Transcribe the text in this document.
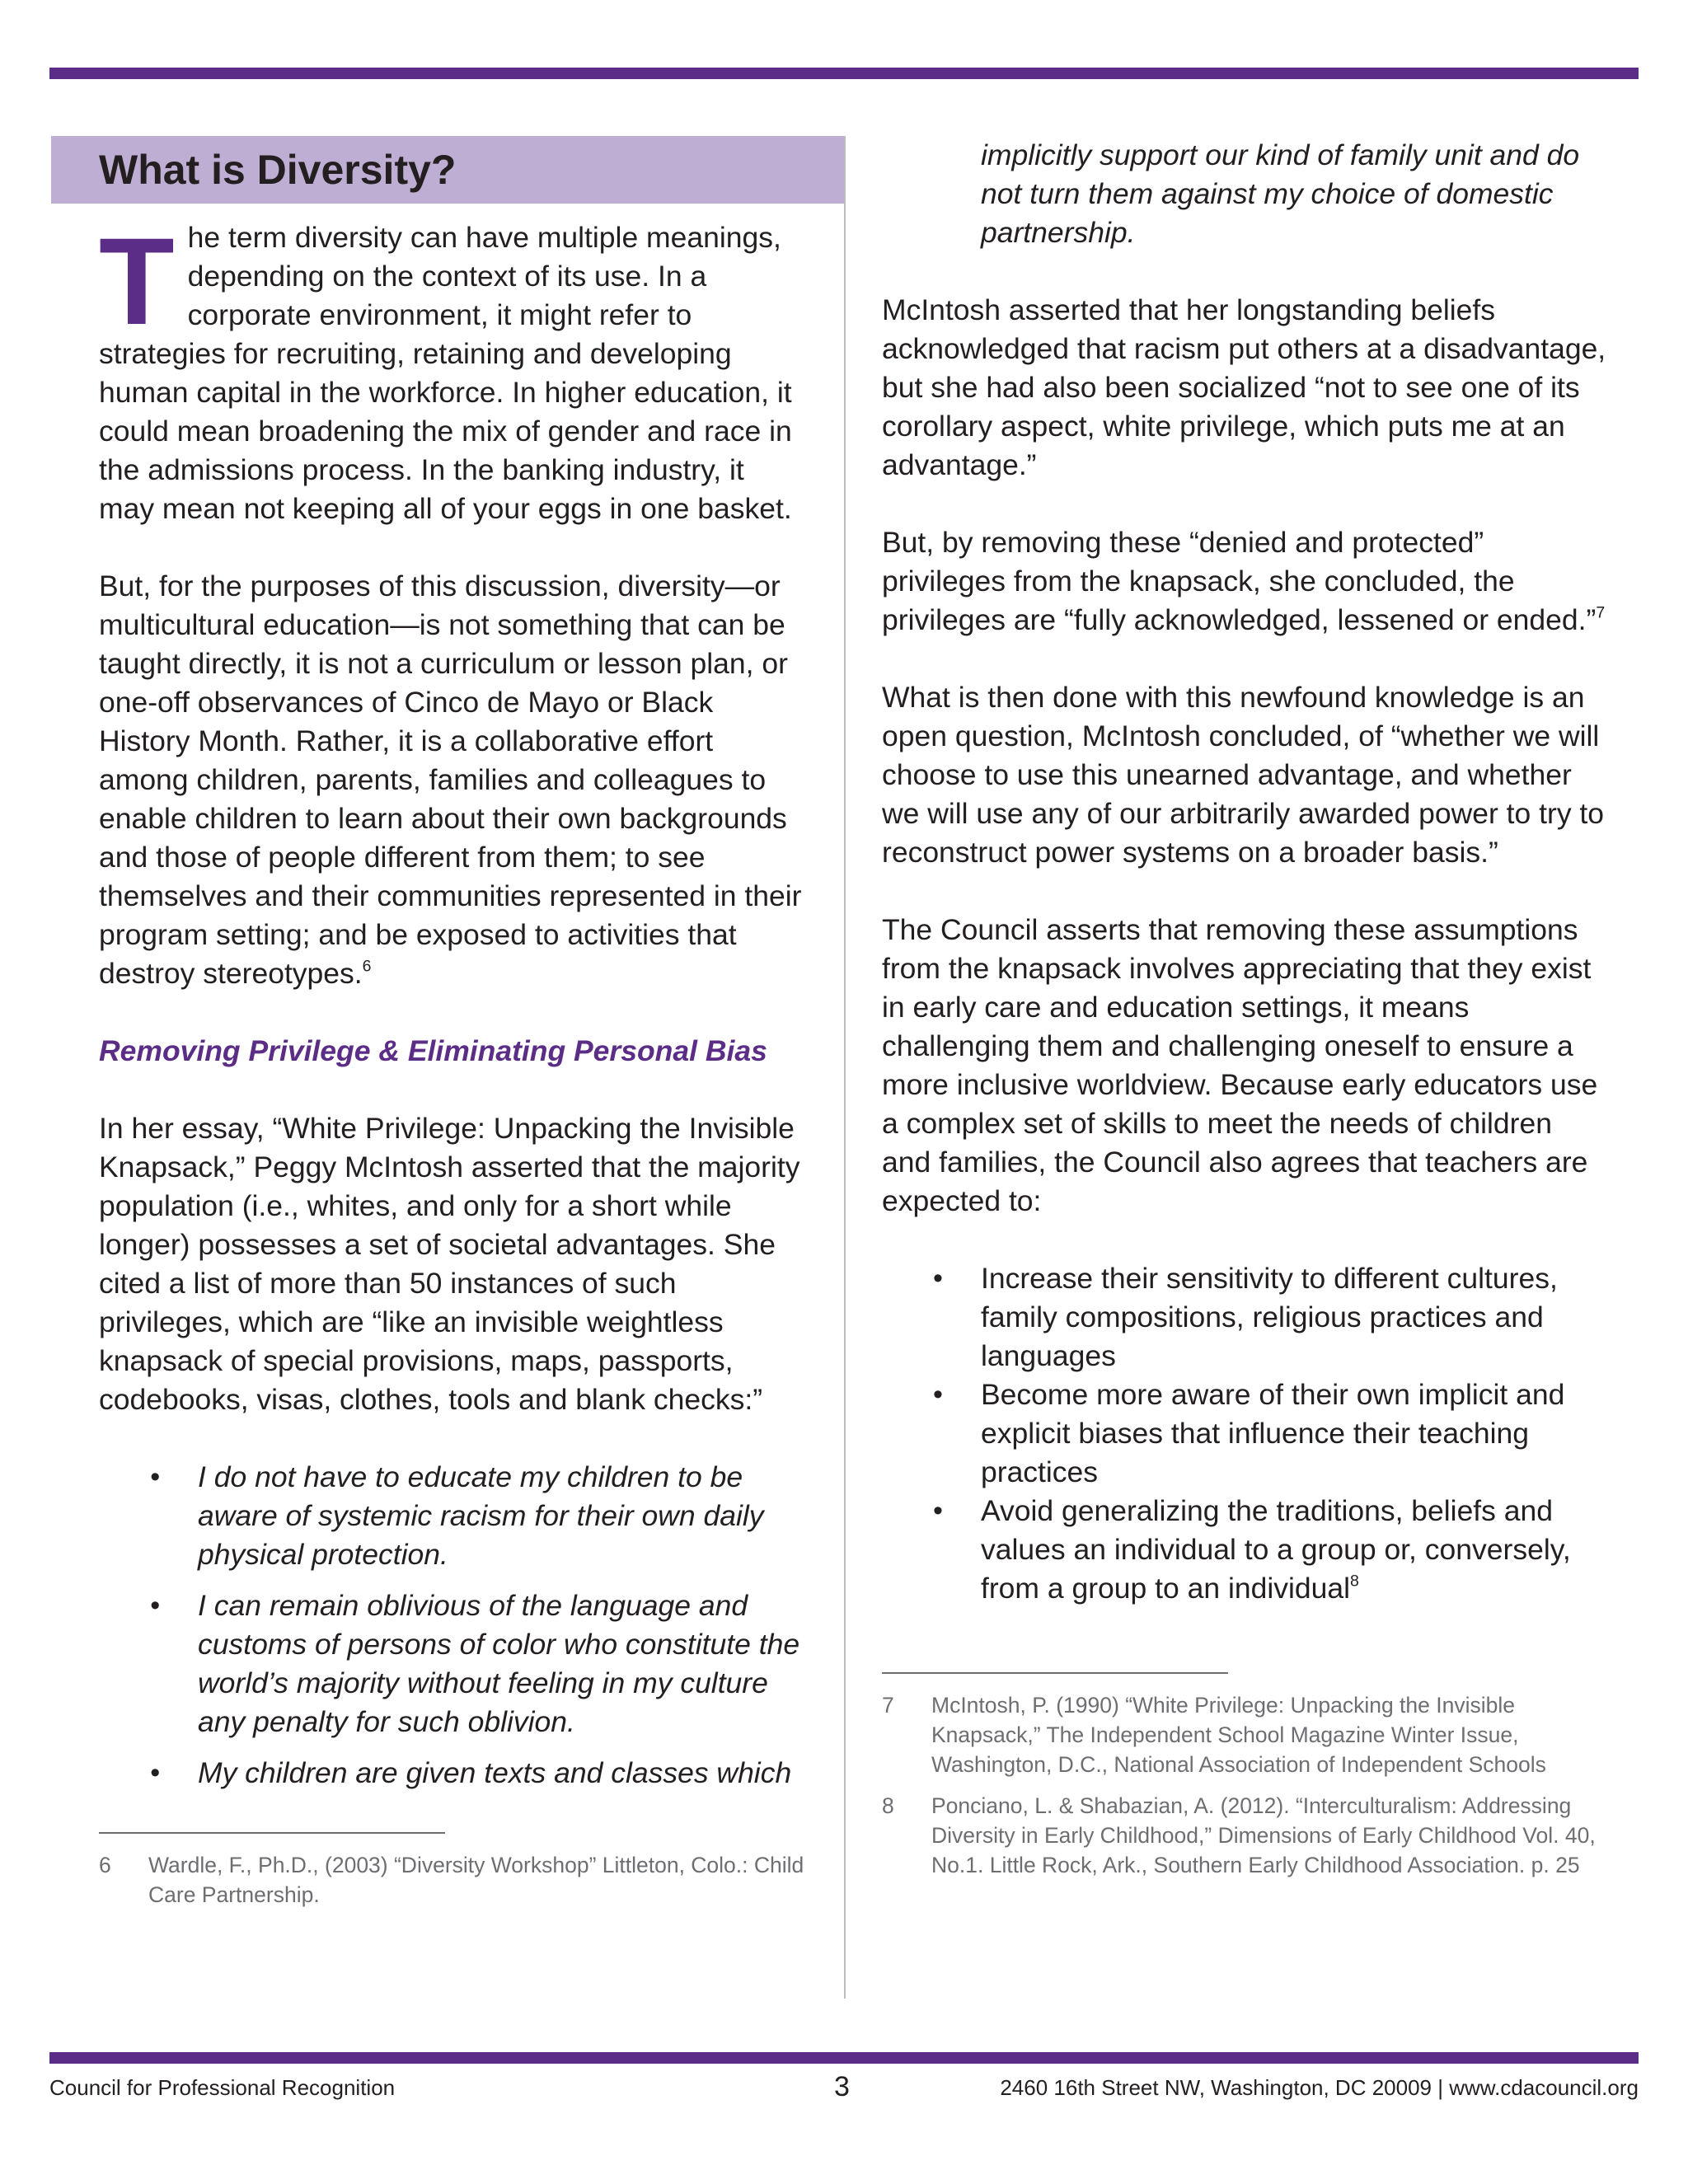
What is Diversity?

The term diversity can have multiple meanings, depending on the context of its use. In a corporate environment, it might refer to strategies for recruiting, retaining and developing human capital in the workforce. In higher education, it could mean broadening the mix of gender and race in the admissions process. In the banking industry, it may mean not keeping all of your eggs in one basket.

But, for the purposes of this discussion, diversity—or multicultural education—is not something that can be taught directly, it is not a curriculum or lesson plan, or one-off observances of Cinco de Mayo or Black History Month. Rather, it is a collaborative effort among children, parents, families and colleagues to enable children to learn about their own backgrounds and those of people different from them; to see themselves and their communities represented in their program setting; and be exposed to activities that destroy stereotypes.$^6$

Removing Privilege & Eliminating Personal Bias

In her essay, “White Privilege: Unpacking the Invisible Knapsack,” Peggy McIntosh asserted that the majority population (i.e., whites, and only for a short while longer) possesses a set of societal advantages. She cited a list of more than 50 instances of such privileges, which are “like an invisible weightless knapsack of special provisions, maps, passports, codebooks, visas, clothes, tools and blank checks:”

• I do not have to educate my children to be aware of systemic racism for their own daily physical protection.
• I can remain oblivious of the language and customs of persons of color who constitute the world’s majority without feeling in my culture any penalty for such oblivion.
• My children are given texts and classes which
6	Wardle, F., Ph.D., (2003) “Diversity Workshop” Littleton, Colo.: Child Care Partnership.

implicitly support our kind of family unit and do not turn them against my choice of domestic partnership.

McIntosh asserted that her longstanding beliefs acknowledged that racism put others at a disadvantage, but she had also been socialized “not to see one of its corollary aspect, white privilege, which puts me at an advantage.”

But, by removing these “denied and protected” privileges from the knapsack, she concluded, the privileges are “fully acknowledged, lessened or ended.”$^7$

What is then done with this newfound knowledge is an open question, McIntosh concluded, of “whether we will choose to use this unearned advantage, and whether we will use any of our arbitrarily awarded power to try to reconstruct power systems on a broader basis.”

The Council asserts that removing these assumptions from the knapsack involves appreciating that they exist in early care and education settings, it means challenging them and challenging oneself to ensure a more inclusive worldview. Because early educators use a complex set of skills to meet the needs of children and families, the Council also agrees that teachers are expected to:

• Increase their sensitivity to different cultures, family compositions, religious practices and languages
• Become more aware of their own implicit and explicit biases that influence their teaching practices
• Avoid generalizing the traditions, beliefs and values an individual to a group or, conversely, from a group to an individual$^8$
7	McIntosh, P. (1990) “White Privilege: Unpacking the Invisible Knapsack,” The Independent School Magazine Winter Issue, Washington, D.C., National Association of Independent Schools
8	Ponciano, L. & Shabazian, A. (2012). “Interculturalism: Addressing Diversity in Early Childhood,” Dimensions of Early Childhood Vol. 40, No.1. Little Rock, Ark., Southern Early Childhood Association. p. 25
Council for Professional Recognition	3	2460 16th Street NW, Washington, DC 20009 | www.cdacouncil.org
